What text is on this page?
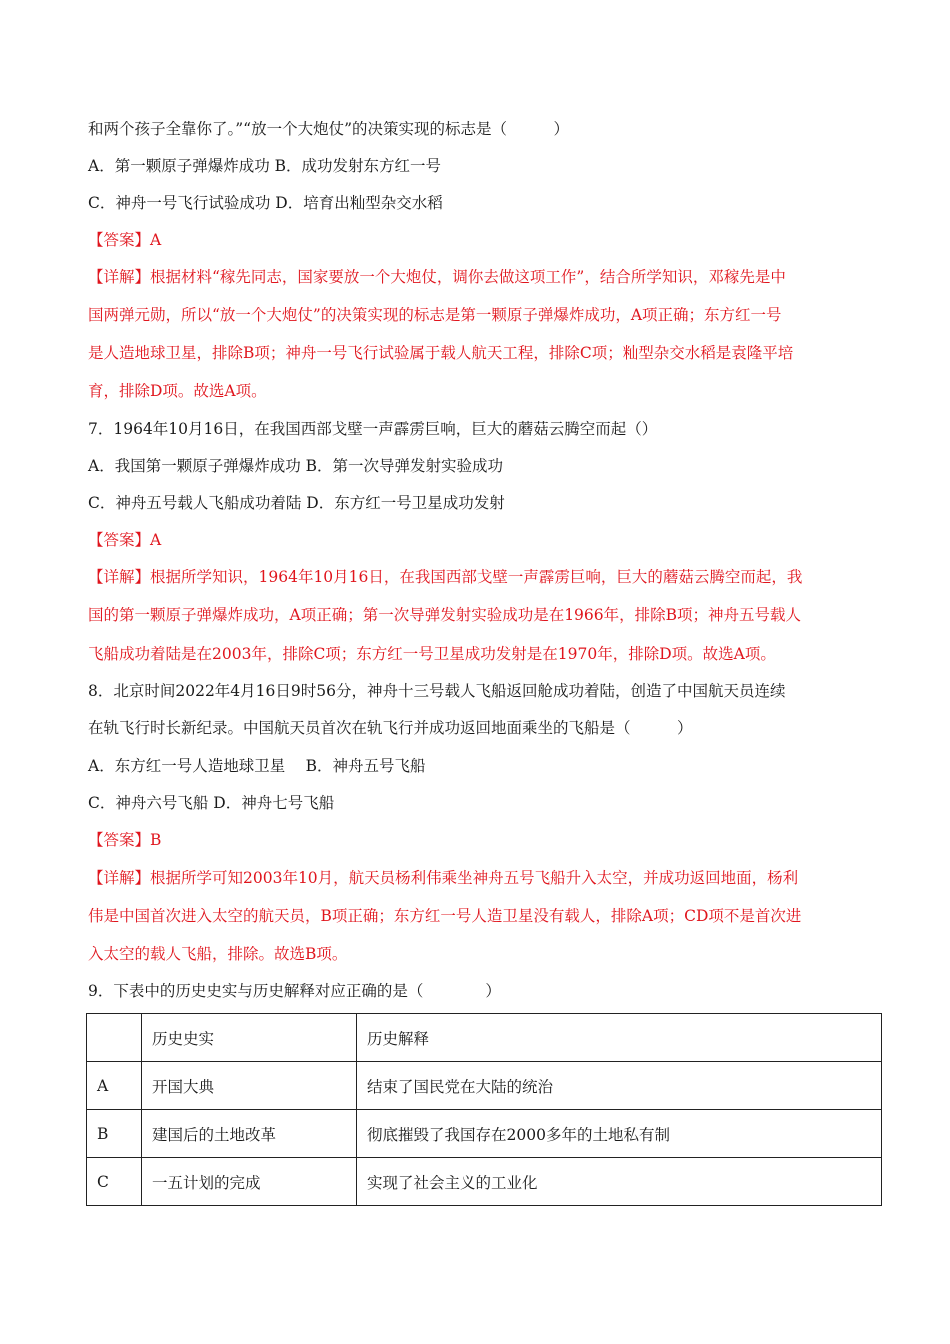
和两个孩子全靠你了。”“放一个大炮仗”的决策实现的标志是（　　　）
A．第一颗原子弹爆炸成功 B．成功发射东方红一号
C．神舟一号飞行试验成功 D．培育出籼型杂交水稻
【答案】A
【详解】根据材料“稼先同志，国家要放一个大炮仗，调你去做这项工作”，结合所学知识，邓稼先是中
国两弹元勋，所以“放一个大炮仗”的决策实现的标志是第一颗原子弹爆炸成功，A项正确；东方红一号
是人造地球卫星，排除B项；神舟一号飞行试验属于载人航天工程，排除C项；籼型杂交水稻是袁隆平培
育，排除D项。故选A项。
7．1964年10月16日，在我国西部戈壁一声霹雳巨响，巨大的蘑菇云腾空而起（）
A．我国第一颗原子弹爆炸成功 B．第一次导弹发射实验成功
C．神舟五号载人飞船成功着陆 D．东方红一号卫星成功发射
【答案】A
【详解】根据所学知识，1964年10月16日，在我国西部戈壁一声霹雳巨响，巨大的蘑菇云腾空而起，我
国的第一颗原子弹爆炸成功，A项正确；第一次导弹发射实验成功是在1966年，排除B项；神舟五号载人
飞船成功着陆是在2003年，排除C项；东方红一号卫星成功发射是在1970年，排除D项。故选A项。
8．北京时间2022年4月16日9时56分，神舟十三号载人飞船返回舱成功着陆，创造了中国航天员连续
在轨飞行时长新纪录。中国航天员首次在轨飞行并成功返回地面乘坐的飞船是（　　　）
A．东方红一号人造地球卫星　 B．神舟五号飞船
C．神舟六号飞船 D．神舟七号飞船
【答案】B
【详解】根据所学可知2003年10月，航天员杨利伟乘坐神舟五号飞船升入太空，并成功返回地面，杨利
伟是中国首次进入太空的航天员，B项正确；东方红一号人造卫星没有载人，排除A项；CD项不是首次进
入太空的载人飞船，排除。故选B项。
9．下表中的历史史实与历史解释对应正确的是（　　　　）
	历史史实	历史解释
A	开国大典	结束了国民党在大陆的统治
B	建国后的土地改革	彻底摧毁了我国存在2000多年的土地私有制
C	一五计划的完成	实现了社会主义的工业化
